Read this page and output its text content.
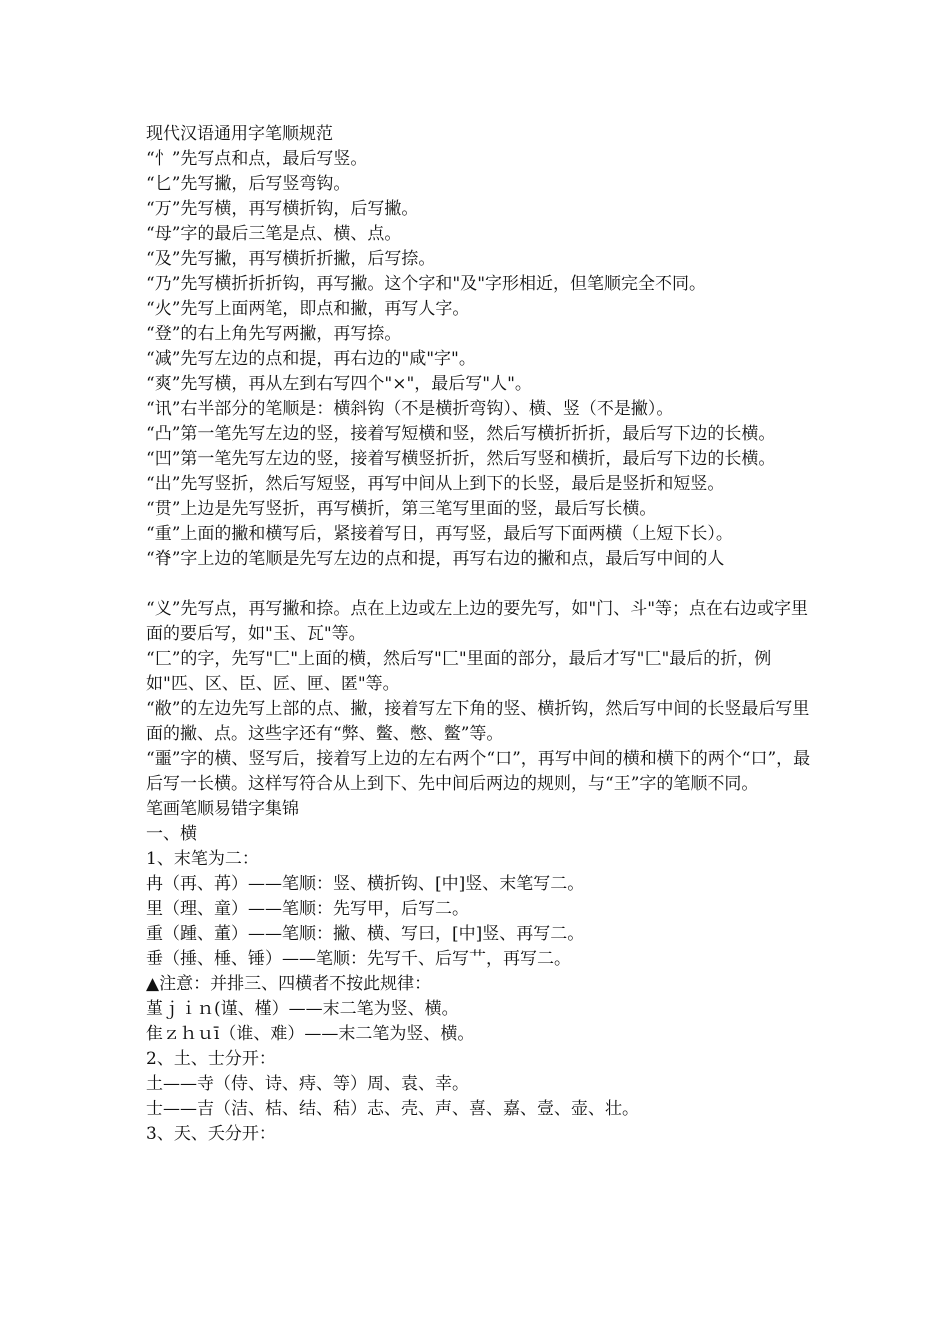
现代汉语通用字笔顺规范
“忄”先写点和点，最后写竖。
“匕”先写撇，后写竖弯钩。
“万”先写横，再写横折钩，后写撇。
“母”字的最后三笔是点、横、点。
“及”先写撇，再写横折折撇，后写捺。
“乃”先写横折折折钩，再写撇。这个字和"及"字形相近，但笔顺完全不同。
“火”先写上面两笔，即点和撇，再写人字。
“登”的右上角先写两撇，再写捺。
“减”先写左边的点和提，再右边的"咸"字"。
“爽”先写横，再从左到右写四个"×"，最后写"人"。
“讯”右半部分的笔顺是：横斜钩（不是横折弯钩）、横、竖（不是撇）。
“凸”第一笔先写左边的竖，接着写短横和竖，然后写横折折折，最后写下边的长横。
“凹”第一笔先写左边的竖，接着写横竖折折，然后写竖和横折，最后写下边的长横。
“出”先写竖折，然后写短竖，再写中间从上到下的长竖，最后是竖折和短竖。
“贯”上边是先写竖折，再写横折，第三笔写里面的竖，最后写长横。
“重”上面的撇和横写后，紧接着写日，再写竖，最后写下面两横（上短下长）。
“脊”字上边的笔顺是先写左边的点和提，再写右边的撇和点，最后写中间的人
“义”先写点，再写撇和捺。点在上边或左上边的要先写，如"门、斗"等；点在右边或字里面的要后写，如"玉、瓦"等。
“匚”的字，先写"匚"上面的横，然后写"匚"里面的部分，最后才写"匚"最后的折，例如"匹、区、臣、匠、匣、匿"等。
“敝”的左边先写上部的点、撇，接着写左下角的竖、横折钩，然后写中间的长竖最后写里面的撇、点。这些字还有“弊、鳖、憋、鳖”等。
“噩”字的横、竖写后，接着写上边的左右两个“口”，再写中间的横和横下的两个“口”，最后写一长横。这样写符合从上到下、先中间后两边的规则，与“王”字的笔顺不同。
笔画笔顺易错字集锦
一、横
1、末笔为二：
冉（再、苒）——笔顺：竖、横折钩、[中]竖、末笔写二。
里（理、童）——笔顺：先写甲，后写二。
重（踵、董）——笔顺：撇、横、写曰，[中]竖、再写二。
垂（捶、棰、锤）——笔顺：先写千、后写艹，再写二。
▲注意：并排三、四横者不按此规律：
堇ｊｉｎ(谨、槿）——末二笔为竖、横。
隹ｚｈｕī（谁、难）——末二笔为竖、横。
2、土、士分开：
土——寺（侍、诗、痔、等）周、袁、幸。
士——吉（洁、桔、结、秸）志、壳、声、喜、嘉、壹、壶、壮。
3、天、夭分开：
